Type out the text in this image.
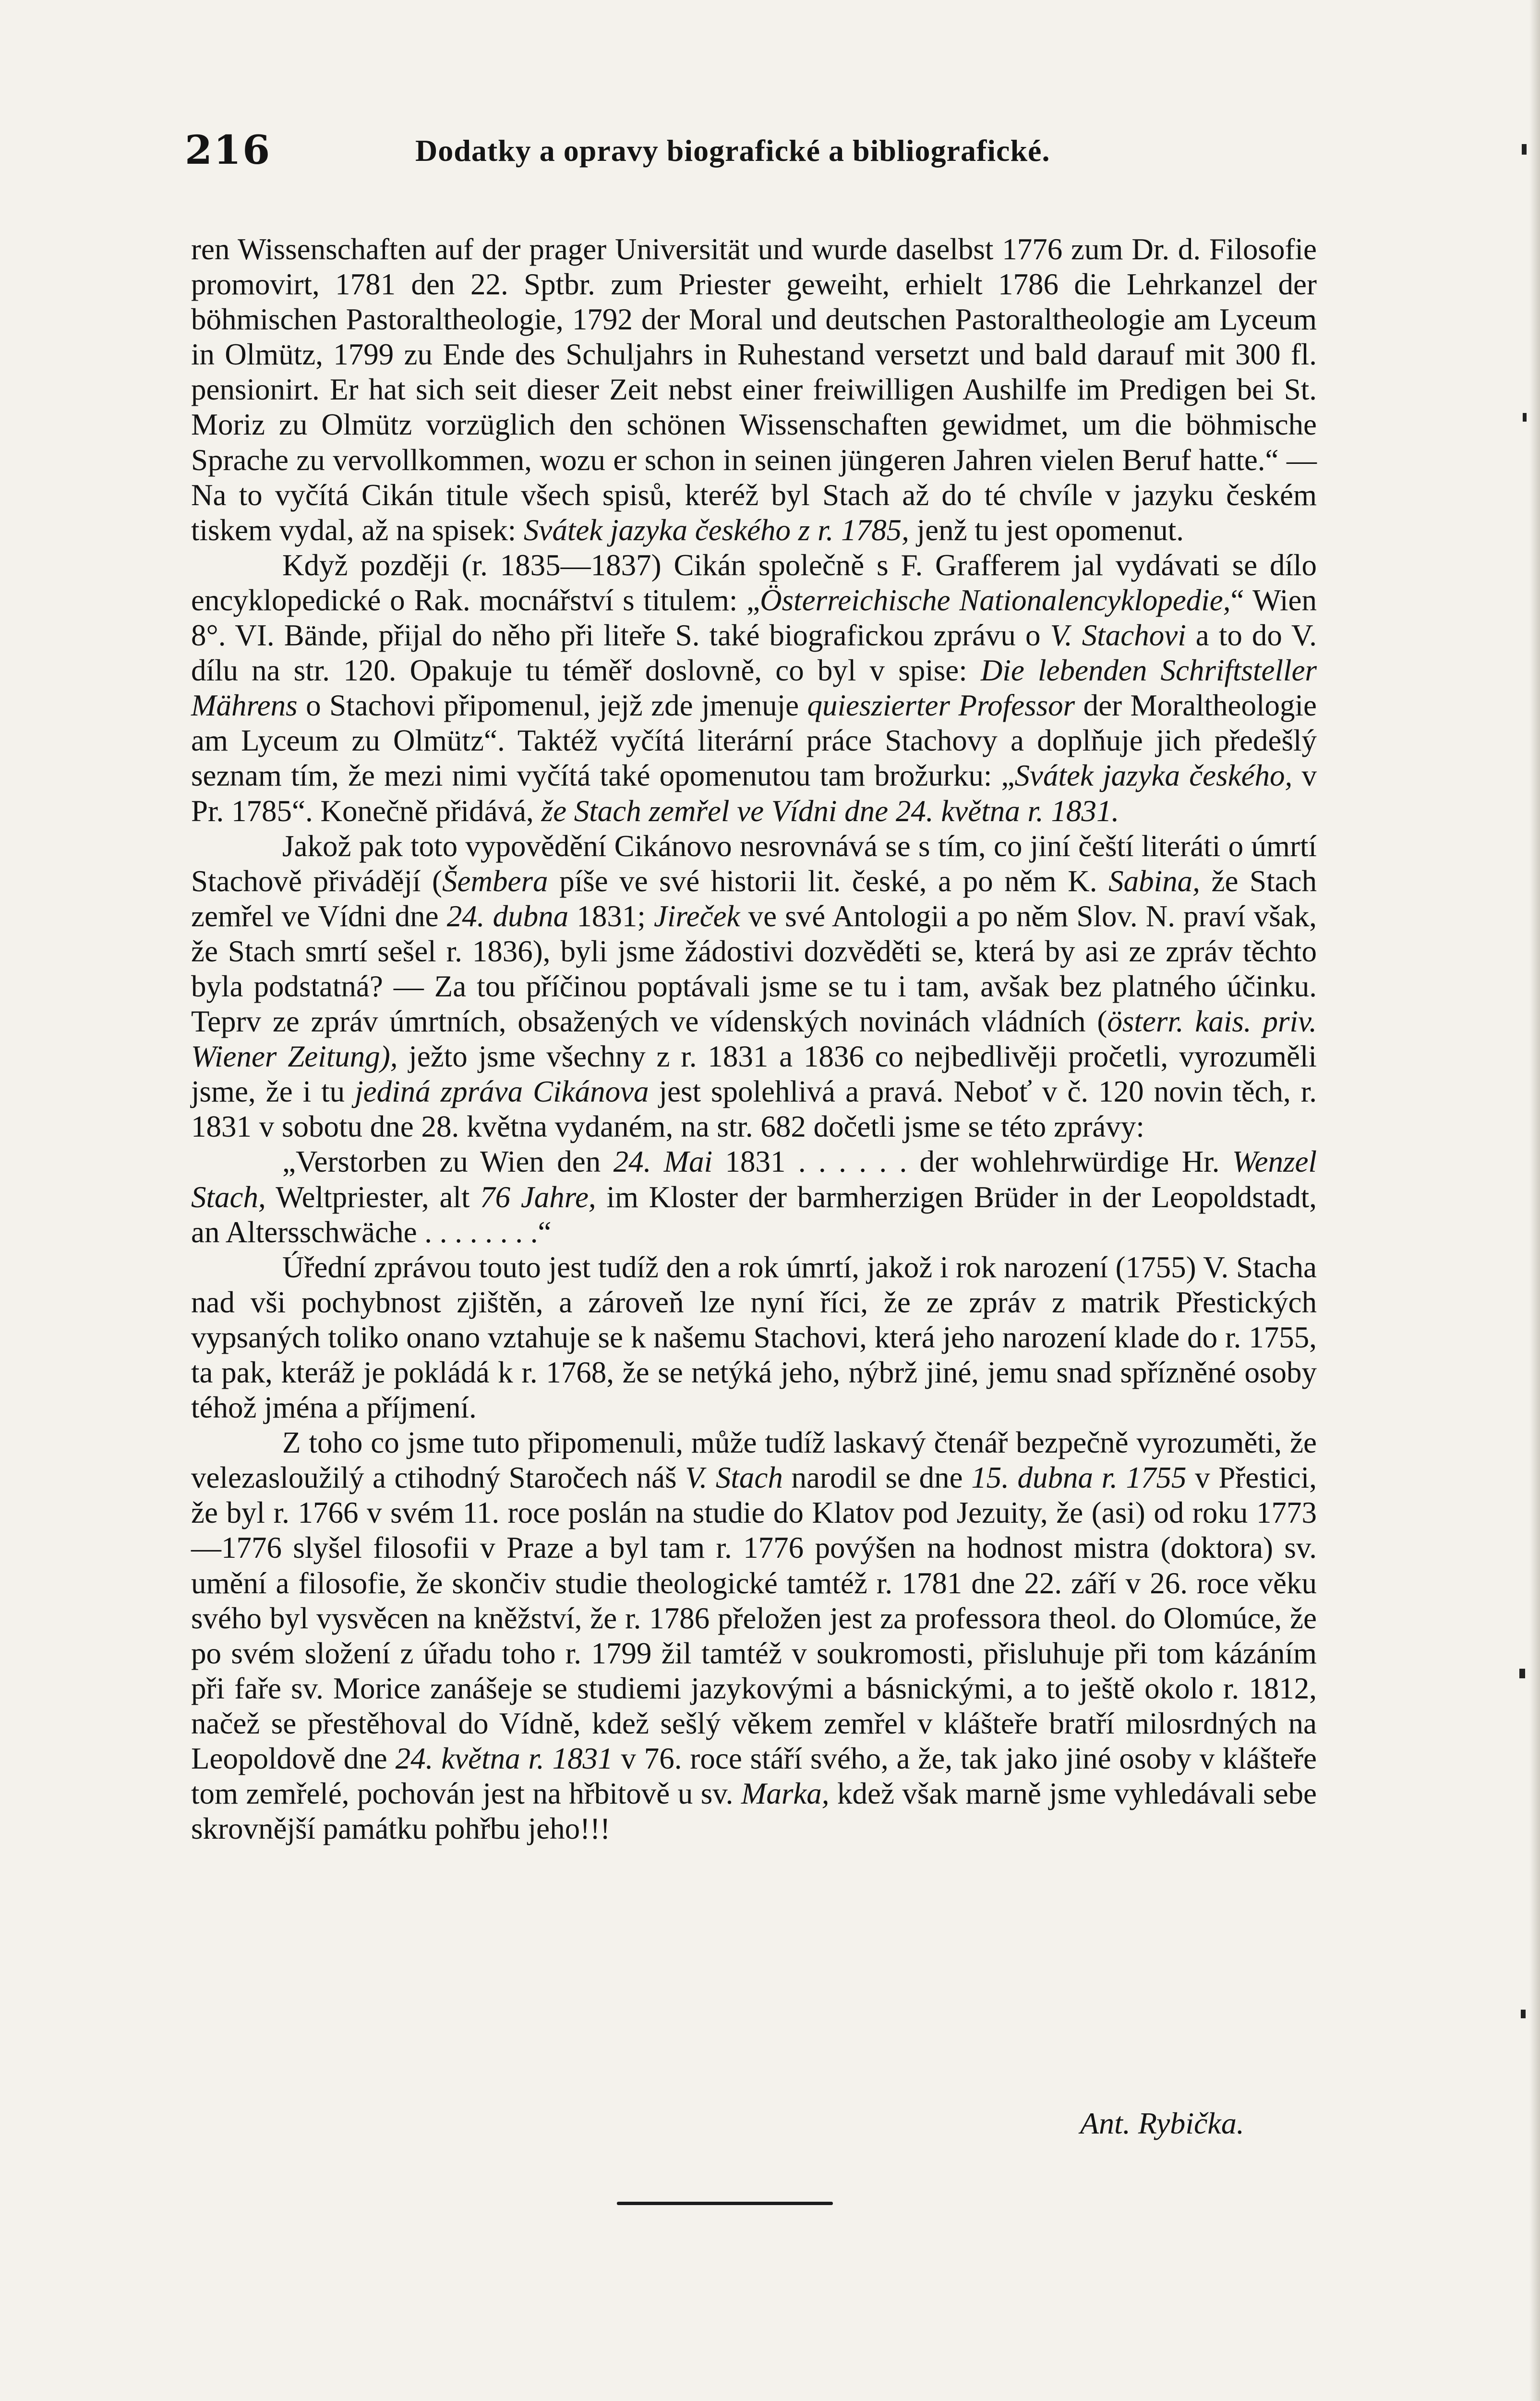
216	Dodatky a opravy biografické a bibliografické.

ren Wissenschaften auf der prager Universität und wurde daselbst 1776 zum Dr. d. Filosofie promovirt, 1781 den 22. Sptbr. zum Priester geweiht, erhielt 1786 die Lehrkanzel der böhmischen Pastoraltheologie, 1792 der Moral und deutschen Pastoraltheologie am Lyceum in Olmütz, 1799 zu Ende des Schuljahrs in Ruhestand versetzt und bald darauf mit 300 fl. pensionirt. Er hat sich seit dieser Zeit nebst einer freiwilligen Aushilfe im Predigen bei St. Moriz zu Olmütz vorzüglich den schönen Wissenschaften gewidmet, um die böhmische Sprache zu vervollkommen, wozu er schon in seinen jüngeren Jahren vielen Beruf hatte.“ — Na to vyčítá Cikán titule všech spisů, kteréž byl Stach až do té chvíle v jazyku českém tiskem vydal, až na spisek: Svátek jazyka českého z r. 1785, jenž tu jest opomenut.

Když později (r. 1835—1837) Cikán společně s F. Grafferem jal vydávati se dílo encyklopedické o Rak. mocnářství s titulem: „Österreichische Nationalencyklopedie,“ Wien 8°. VI. Bände, přijal do něho při liteře S. také biografickou zprávu o V. Stachovi a to do V. dílu na str. 120. Opakuje tu téměř doslovně, co byl v spise: Die lebenden Schriftsteller Mährens o Stachovi připomenul, jejž zde jmenuje quieszierter Professor der Moraltheologie am Lyceum zu Olmütz“. Taktéž vyčítá literární práce Stachovy a doplňuje jich předešlý seznam tím, že mezi nimi vyčítá také opomenutou tam brožurku: „Svátek jazyka českého, v Pr. 1785“. Konečně přidává, že Stach zemřel ve Vídni dne 24. května r. 1831.

Jakož pak toto vypovědění Cikánovo nesrovnává se s tím, co jiní čeští literáti o úmrtí Stachově přivádějí (Šembera píše ve své historii lit. české, a po něm K. Sabina, že Stach zemřel ve Vídni dne 24. dubna 1831; Jireček ve své Antologii a po něm Slov. N. praví však, že Stach smrtí sešel r. 1836), byli jsme žádostivi dozvěděti se, která by asi ze zpráv těchto byla podstatná? — Za tou příčinou poptávali jsme se tu i tam, avšak bez platného účinku. Teprv ze zpráv úmrtních, obsažených ve vídenských novinách vládních (österr. kais. priv. Wiener Zeitung), ježto jsme všechny z r. 1831 a 1836 co nejbedlivěji pročetli, vyrozuměli jsme, že i tu jediná zpráva Cikánova jest spolehlivá a pravá. Neboť v č. 120 novin těch, r. 1831 v sobotu dne 28. května vydaném, na str. 682 dočetli jsme se této zprávy:

„Verstorben zu Wien den 24. Mai 1831 . . . . . . der wohlehrwürdige Hr. Wenzel Stach, Weltpriester, alt 76 Jahre, im Kloster der barmherzigen Brüder in der Leopoldstadt, an Altersschwäche . . . . . . . .“

Úřední zprávou touto jest tudíž den a rok úmrtí, jakož i rok narození (1755) V. Stacha nad vši pochybnost zjištěn, a zároveň lze nyní říci, že ze zpráv z matrik Přestických vypsaných toliko onano vztahuje se k našemu Stachovi, která jeho narození klade do r. 1755, ta pak, kteráž je pokládá k r. 1768, že se netýká jeho, nýbrž jiné, jemu snad spřízněné osoby téhož jména a příjmení.

Z toho co jsme tuto připomenuli, může tudíž laskavý čtenář bezpečně vyrozuměti, že velezasloužilý a ctihodný Staročech náš V. Stach narodil se dne 15. dubna r. 1755 v Přestici, že byl r. 1766 v svém 11. roce poslán na studie do Klatov pod Jezuity, že (asi) od roku 1773—1776 slyšel filosofii v Praze a byl tam r. 1776 povýšen na hodnost mistra (doktora) sv. umění a filosofie, že skončiv studie theologické tamtéž r. 1781 dne 22. září v 26. roce věku svého byl vysvěcen na kněžství, že r. 1786 přeložen jest za professora theol. do Olomúce, že po svém složení z úřadu toho r. 1799 žil tamtéž v soukromosti, přisluhuje při tom kázáním při faře sv. Morice zanášeje se studiemi jazykovými a básnickými, a to ještě okolo r. 1812, načež se přestěhoval do Vídně, kdež sešlý věkem zemřel v klášteře bratří milosrdných na Leopoldově dne 24. května r. 1831 v 76. roce stáří svého, a že, tak jako jiné osoby v klášteře tom zemřelé, pochován jest na hřbitově u sv. Marka, kdež však marně jsme vyhledávali sebe skrovnější památku pohřbu jeho!!!

Ant. Rybička.
